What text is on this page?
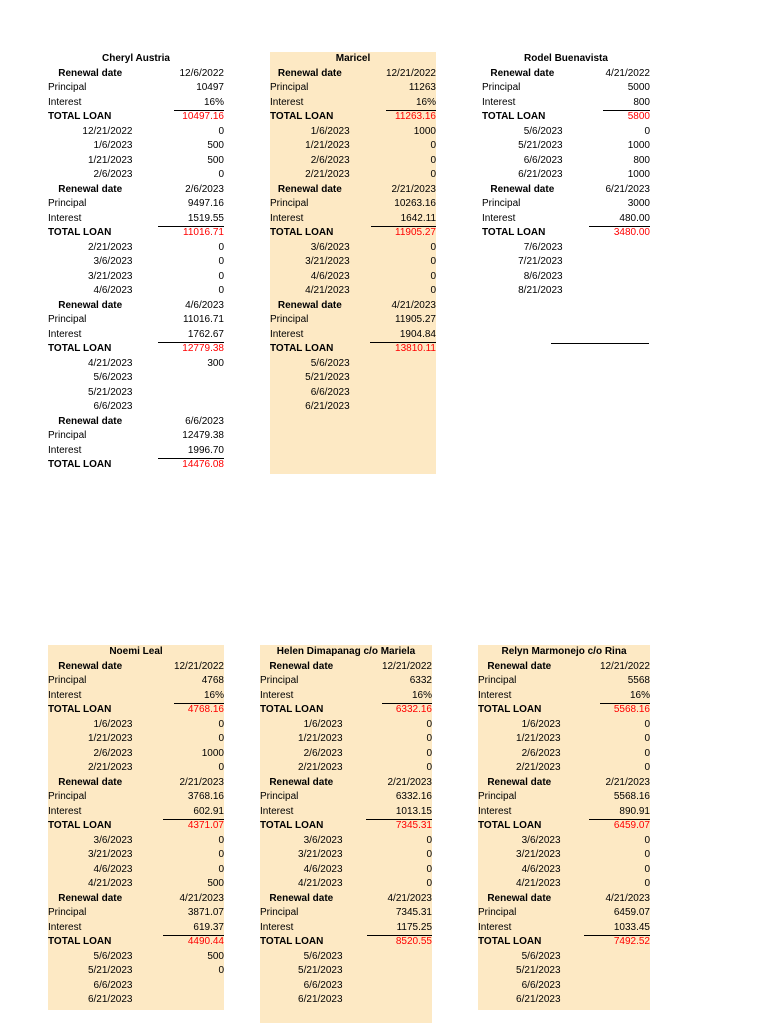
Cheryl Austria
Renewal date	12/6/2022
Principal	10497
Interest	16%
TOTAL LOAN	10497.16
12/21/2022	0
1/6/2023	500
1/21/2023	500
2/6/2023	0
Renewal date	2/6/2023
Principal	9497.16
Interest	1519.55
TOTAL LOAN	11016.71
2/21/2023	0
3/6/2023	0
3/21/2023	0
4/6/2023	0
Renewal date	4/6/2023
Principal	11016.71
Interest	1762.67
TOTAL LOAN	12779.38
4/21/2023	300
5/6/2023
5/21/2023
6/6/2023
Renewal date	6/6/2023
Principal	12479.38
Interest	1996.70
TOTAL LOAN	14476.08
Maricel
Renewal date	12/21/2022
Principal	11263
Interest	16%
TOTAL LOAN	11263.16
1/6/2023	1000
1/21/2023	0
2/6/2023	0
2/21/2023	0
Renewal date	2/21/2023
Principal	10263.16
Interest	1642.11
TOTAL LOAN	11905.27
3/6/2023	0
3/21/2023	0
4/6/2023	0
4/21/2023	0
Renewal date	4/21/2023
Principal	11905.27
Interest	1904.84
TOTAL LOAN	13810.11
5/6/2023
5/21/2023
6/6/2023
6/21/2023
Rodel Buenavista
Renewal date	4/21/2022
Principal	5000
Interest	800
TOTAL LOAN	5800
5/6/2023	0
5/21/2023	1000
6/6/2023	800
6/21/2023	1000
Renewal date	6/21/2023
Principal	3000
Interest	480.00
TOTAL LOAN	3480.00
7/6/2023
7/21/2023
8/6/2023
8/21/2023
Noemi Leal
Renewal date	12/21/2022
Principal	4768
Interest	16%
TOTAL LOAN	4768.16
1/6/2023	0
1/21/2023	0
2/6/2023	1000
2/21/2023	0
Renewal date	2/21/2023
Principal	3768.16
Interest	602.91
TOTAL LOAN	4371.07
3/6/2023	0
3/21/2023	0
4/6/2023	0
4/21/2023	500
Renewal date	4/21/2023
Principal	3871.07
Interest	619.37
TOTAL LOAN	4490.44
5/6/2023	500
5/21/2023	0
6/6/2023
6/21/2023
Helen Dimapanag c/o Mariela
Renewal date	12/21/2022
Principal	6332
Interest	16%
TOTAL LOAN	6332.16
1/6/2023	0
1/21/2023	0
2/6/2023	0
2/21/2023	0
Renewal date	2/21/2023
Principal	6332.16
Interest	1013.15
TOTAL LOAN	7345.31
3/6/2023	0
3/21/2023	0
4/6/2023	0
4/21/2023	0
Renewal date	4/21/2023
Principal	7345.31
Interest	1175.25
TOTAL LOAN	8520.55
5/6/2023
5/21/2023
6/6/2023
6/21/2023
Relyn Marmonejo c/o Rina
Renewal date	12/21/2022
Principal	5568
Interest	16%
TOTAL LOAN	5568.16
1/6/2023	0
1/21/2023	0
2/6/2023	0
2/21/2023	0
Renewal date	2/21/2023
Principal	5568.16
Interest	890.91
TOTAL LOAN	6459.07
3/6/2023	0
3/21/2023	0
4/6/2023	0
4/21/2023	0
Renewal date	4/21/2023
Principal	6459.07
Interest	1033.45
TOTAL LOAN	7492.52
5/6/2023
5/21/2023
6/6/2023
6/21/2023
